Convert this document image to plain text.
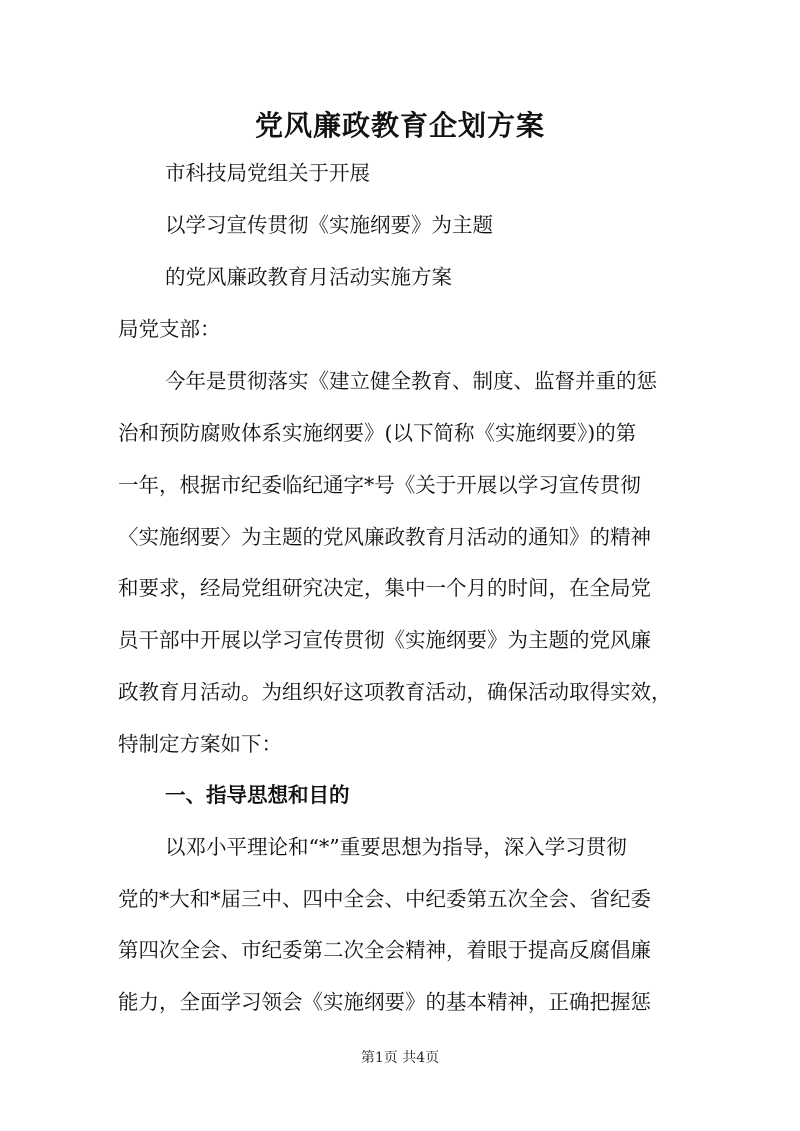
党风廉政教育企划方案
市科技局党组关于开展
以学习宣传贯彻《实施纲要》为主题
的党风廉政教育月活动实施方案
局党支部：
今年是贯彻落实《建立健全教育、制度、监督并重的惩
治和预防腐败体系实施纲要》(以下简称《实施纲要》)的第
一年，根据市纪委临纪通字*号《关于开展以学习宣传贯彻
〈实施纲要〉为主题的党风廉政教育月活动的通知》的精神
和要求，经局党组研究决定，集中一个月的时间，在全局党
员干部中开展以学习宣传贯彻《实施纲要》为主题的党风廉
政教育月活动。为组织好这项教育活动，确保活动取得实效，
特制定方案如下：
一、指导思想和目的
以邓小平理论和“*”重要思想为指导，深入学习贯彻
党的*大和*届三中、四中全会、中纪委第五次全会、省纪委
第四次全会、市纪委第二次全会精神，着眼于提高反腐倡廉
能力，全面学习领会《实施纲要》的基本精神，正确把握惩
第1页 共4页
